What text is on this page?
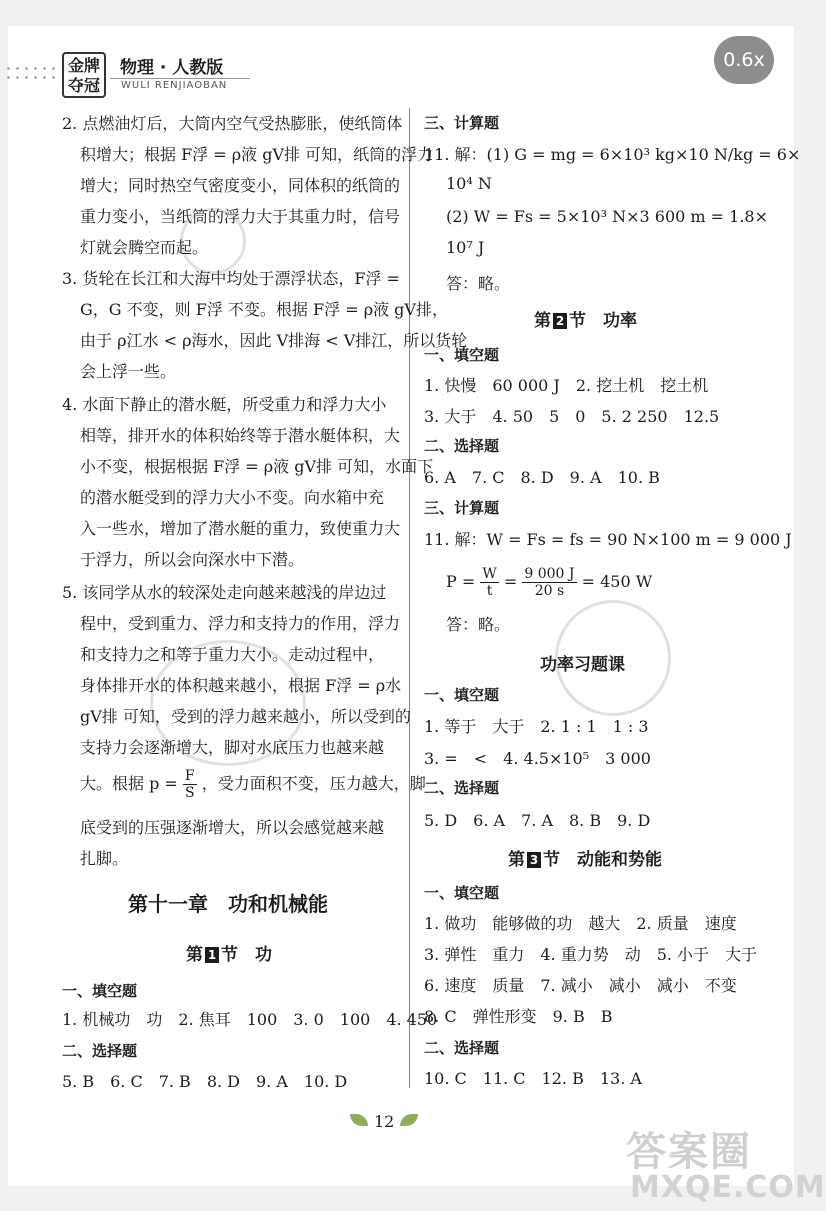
金牌
夺冠
物理 · 人教版
WULI RENJIAOBAN
0.6x
2. 点燃油灯后，大筒内空气受热膨胀，使纸筒体
积增大；根据 F浮 = ρ液 gV排 可知，纸筒的浮力
增大；同时热空气密度变小，同体积的纸筒的
重力变小，当纸筒的浮力大于其重力时，信号
灯就会腾空而起。
3. 货轮在长江和大海中均处于漂浮状态，F浮 =
G，G 不变，则 F浮 不变。根据 F浮 = ρ液 gV排，
由于 ρ江水 < ρ海水，因此 V排海 < V排江，所以货轮
会上浮一些。
4. 水面下静止的潜水艇，所受重力和浮力大小
相等，排开水的体积始终等于潜水艇体积，大
小不变，根据根据 F浮 = ρ液 gV排 可知，水面下
的潜水艇受到的浮力大小不变。向水箱中充
入一些水，增加了潜水艇的重力，致使重力大
于浮力，所以会向深水中下潜。
5. 该同学从水的较深处走向越来越浅的岸边过
程中，受到重力、浮力和支持力的作用，浮力
和支持力之和等于重力大小。走动过程中，
身体排开水的体积越来越小，根据 F浮 = ρ水
gV排 可知，受到的浮力越来越小，所以受到的
支持力会逐渐增大，脚对水底压力也越来越
大。根据 $p = \frac{F}{S}$ ，受力面积不变，压力越大，脚
底受到的压强逐渐增大，所以会感觉越来越
扎脚。
第十一章　功和机械能
第 1 节　功
一、填空题
1. 机械功　功　2. 焦耳　100　3. 0　100　4. 450
二、选择题
5. B　6. C　7. B　8. D　9. A　10. D
三、计算题
11. 解：(1) G = mg = 6×10³ kg×10 N/kg = 6×
10⁴ N
(2) W = Fs = 5×10³ N×3 600 m = 1.8×
10⁷ J
答：略。
第 2 节　功率
一、填空题
1. 快慢　60 000 J　2. 挖土机　挖土机
3. 大于　4. 50　5　0　5. 2 250　12.5
二、选择题
6. A　7. C　8. D　9. A　10. B
三、计算题
11. 解：W = Fs = fs = 90 N×100 m = 9 000 J
$P = \frac{W}{t} = \frac{9 000 J}{20 s} = 450$ W
答：略。
功率习题课
一、填空题
1. 等于　大于　2. 1 : 1　1 : 3
3. =　<　4. 4.5×10⁵　3 000
二、选择题
5. D　6. A　7. A　8. B　9. D
第 3 节　动能和势能
一、填空题
1. 做功　能够做的功　越大　2. 质量　速度
3. 弹性　重力　4. 重力势　动　5. 小于　大于
6. 速度　质量　7. 减小　减小　减小　不变
8. C　弹性形变　9. B　B
二、选择题
10. C　11. C　12. B　13. A
12
答案圈
MXQE.COM
